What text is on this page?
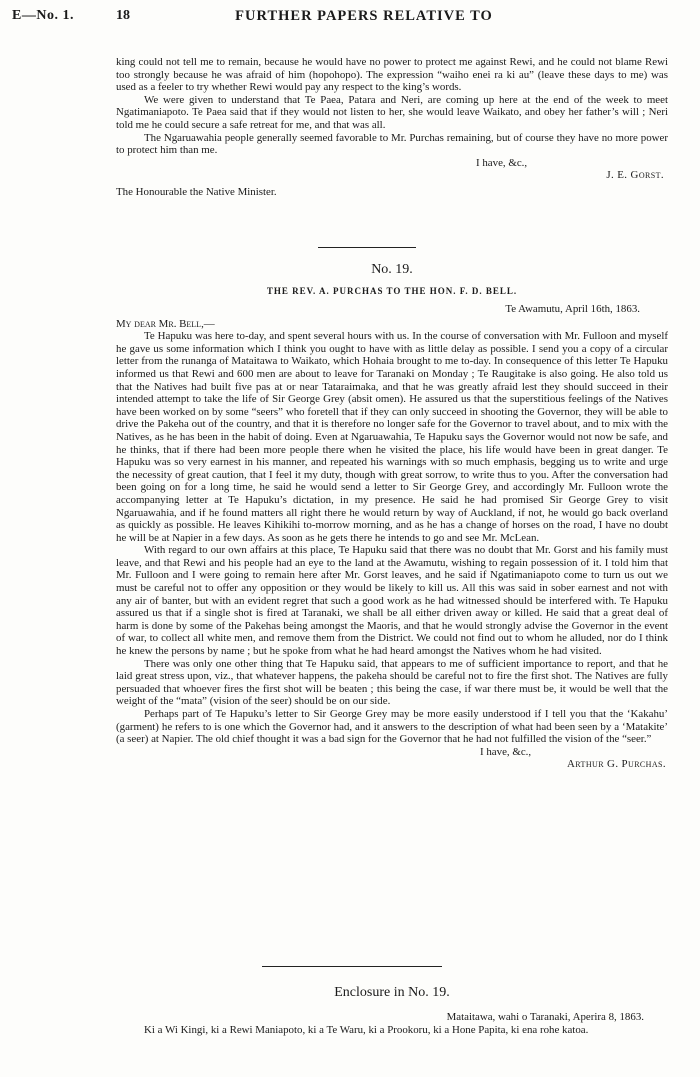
E—No. 1.	18	FURTHER PAPERS RELATIVE TO

king could not tell me to remain, because he would have no power to protect me against Rewi, and he could not blame Rewi too strongly because he was afraid of him (hopohopo). The expression “waiho enei ra ki au” (leave these days to me) was used as a feeler to try whether Rewi would pay any respect to the king’s words.

We were given to understand that Te Paea, Patara and Neri, are coming up here at the end of the week to meet Ngatimaniapoto. Te Paea said that if they would not listen to her, she would leave Waikato, and obey her father’s will ; Neri told me he could secure a safe retreat for me, and that was all.

The Ngaruawahia people generally seemed favorable to Mr. Purchas remaining, but of course they have no more power to protect him than me.

I have, &c.,

J. E. Gorst.

The Honourable the Native Minister.

No. 19.
THE REV. A. PURCHAS TO THE HON. F. D. BELL.

Te Awamutu, April 16th, 1863.

My dear Mr. Bell,—

Te Hapuku was here to-day, and spent several hours with us. In the course of conversation with Mr. Fulloon and myself he gave us some information which I think you ought to have with as little delay as possible. I send you a copy of a circular letter from the runanga of Mataitawa to Waikato, which Hohaia brought to me to-day. In consequence of this letter Te Hapuku informed us that Rewi and 600 men are about to leave for Taranaki on Monday ; Te Raugitake is also going. He also told us that the Natives had built five pas at or near Tataraimaka, and that he was greatly afraid lest they should succeed in their intended attempt to take the life of Sir George Grey (absit omen). He assured us that the superstitious feelings of the Natives have been worked on by some “seers” who foretell that if they can only succeed in shooting the Governor, they will be able to drive the Pakeha out of the country, and that it is therefore no longer safe for the Governor to travel about, and to mix with the Natives, as he has been in the habit of doing. Even at Ngaruawahia, Te Hapuku says the Governor would not now be safe, and he thinks, that if there had been more people there when he visited the place, his life would have been in great danger. Te Hapuku was so very earnest in his manner, and repeated his warnings with so much emphasis, begging us to write and urge the necessity of great caution, that I feel it my duty, though with great sorrow, to write thus to you. After the conversation had been going on for a long time, he said he would send a letter to Sir George Grey, and accordingly Mr. Fulloon wrote the accompanying letter at Te Hapuku’s dictation, in my presence. He said he had promised Sir George Grey to visit Ngaruawahia, and if he found matters all right there he would return by way of Auckland, if not, he would go back overland as quickly as possible. He leaves Kihikihi to-morrow morning, and as he has a change of horses on the road, I have no doubt he will be at Napier in a few days. As soon as he gets there he intends to go and see Mr. McLean.

With regard to our own affairs at this place, Te Hapuku said that there was no doubt that Mr. Gorst and his family must leave, and that Rewi and his people had an eye to the land at the Awamutu, wishing to regain possession of it. I told him that Mr. Fulloon and I were going to remain here after Mr. Gorst leaves, and he said if Ngatimaniapoto come to turn us out we must be careful not to offer any opposition or they would be likely to kill us. All this was said in sober earnest and not with any air of banter, but with an evident regret that such a good work as he had witnessed should be interfered with. Te Hapuku assured us that if a single shot is fired at Taranaki, we shall be all either driven away or killed. He said that a great deal of harm is done by some of the Pakehas being amongst the Maoris, and that he would strongly advise the Governor in the event of war, to collect all white men, and remove them from the District. We could not find out to whom he alluded, nor do I think he knew the persons by name ; but he spoke from what he had heard amongst the Natives whom he had visited.

There was only one other thing that Te Hapuku said, that appears to me of sufficient importance to report, and that he laid great stress upon, viz., that whatever happens, the pakeha should be careful not to fire the first shot. The Natives are fully persuaded that whoever fires the first shot will be beaten ; this being the case, if war there must be, it would be well that the weight of the “mata” (vision of the seer) should be on our side.

Perhaps part of Te Hapuku’s letter to Sir George Grey may be more easily understood if I tell you that the ‘Kakahu’ (garment) he refers to is one which the Governor had, and it answers to the description of what had been seen by a ‘Matakite’ (a seer) at Napier. The old chief thought it was a bad sign for the Governor that he had not fulfilled the vision of the “seer.”

I have, &c.,

Arthur G. Purchas.

Enclosure in No. 19.

Mataitawa, wahi o Taranaki, Aperira 8, 1863.

Ki a Wi Kingi, ki a Rewi Maniapoto, ki a Te Waru, ki a Prookoru, ki a Hone Papita, ki ena rohe katoa.
